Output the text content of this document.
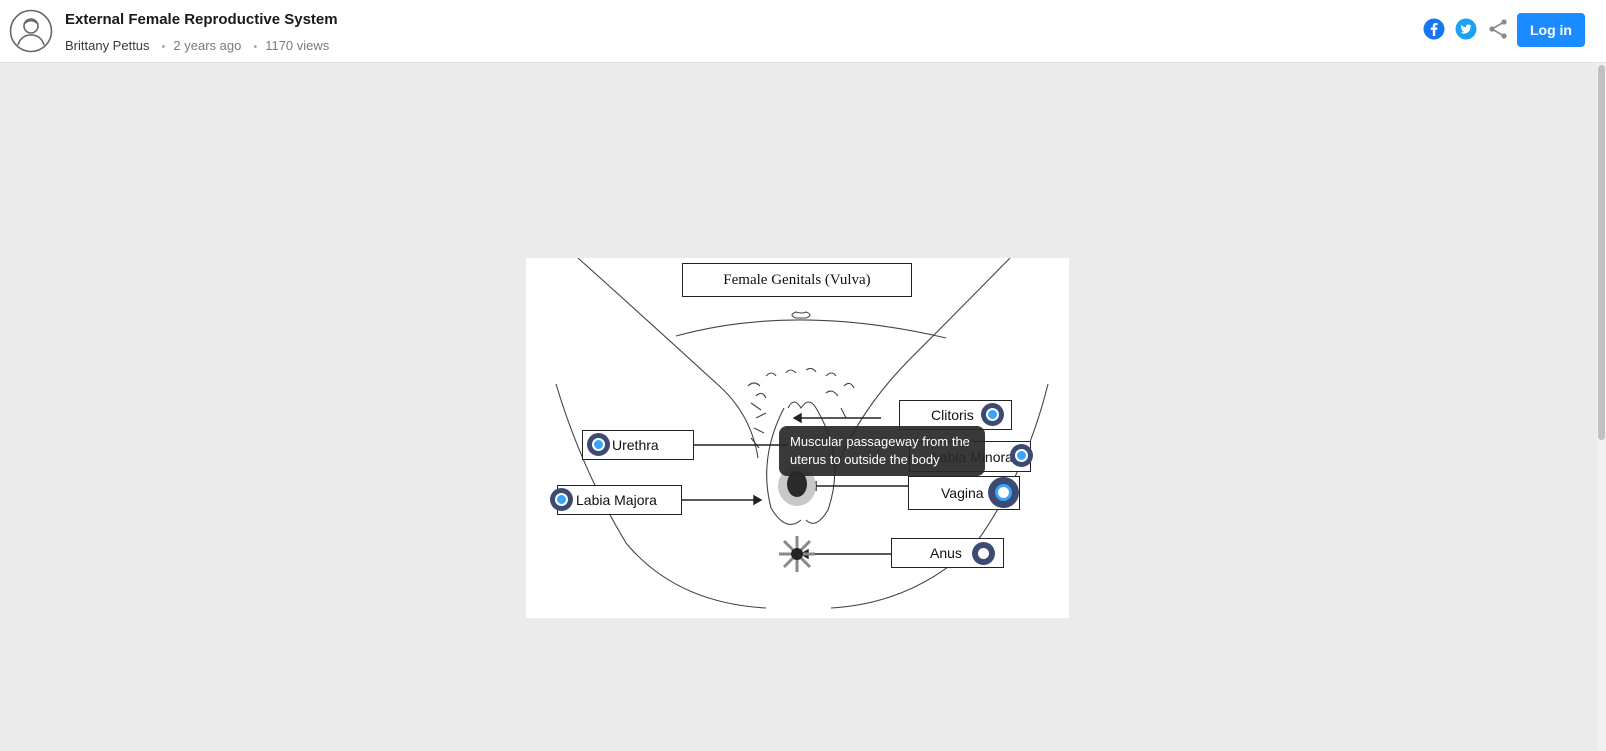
External Female Reproductive System
Brittany Pettus • 2 years ago • 1170 views
Log in
Female Genitals (Vulva)
Clitoris
Urethra
Minora
Labia Majora	Vagina
Anus
Muscular passageway from the uterus to outside the body
